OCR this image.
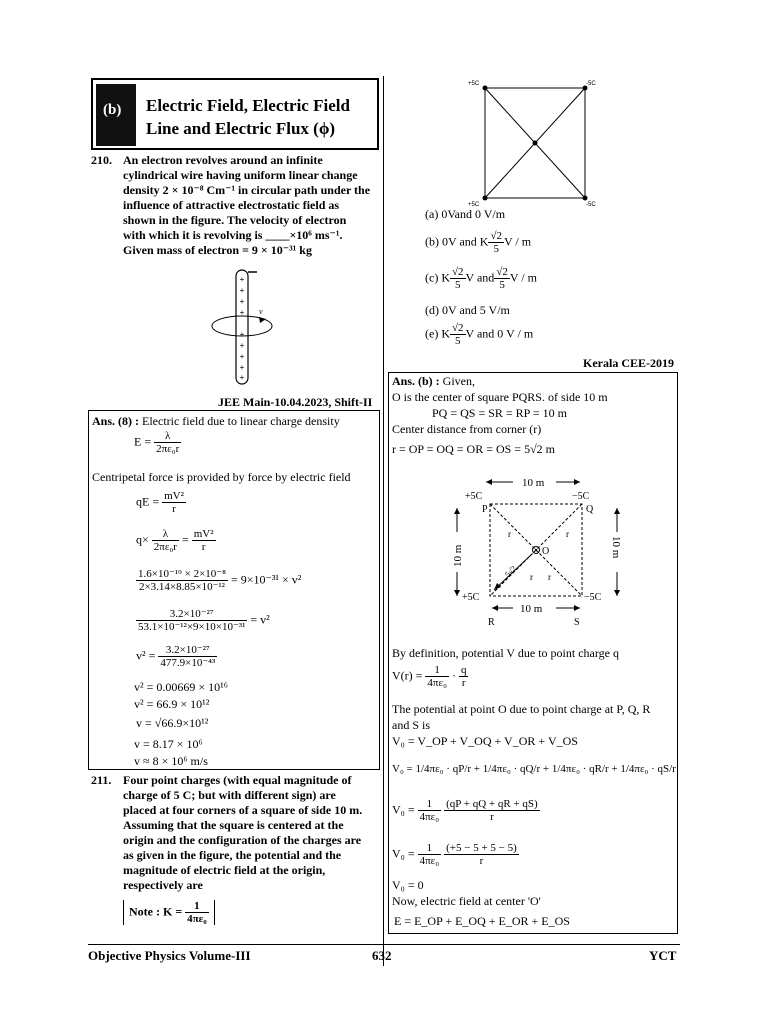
(b) Electric Field, Electric Field
Line and Electric Flux (ϕ)
210. An electron revolves around an infinite
cylindrical wire having uniform linear change
density 2 × 10⁻⁸ Cm⁻¹ in circular path under the
influence of attractive electrostatic field as
shown in the figure. The velocity of electron
with which it is revolving is ____×10⁶ ms⁻¹.
Given mass of electron = 9 × 10⁻³¹ kg
v
+
+
+
+
+
+
+
+
+
JEE Main-10.04.2023, Shift-II
Ans. (8) : Electric field due to linear charge density
$E = \frac{\lambda}{\text{2πε₀r}}$
Centripetal force is provided by force by electric field
qE = $\frac{\text{mV²}}{r}$
$q\times \frac{\lambda}{\text{2πε₀r}} = \frac{\text{mV²}}{r}$
$\frac{\text{1.6×10⁻¹⁹ × 2×10⁻⁸}}{\text{2×3.14×8.85×10⁻¹²}} = 9\times 10^{-31} \times v^2$
$\frac{\text{3.2×10⁻²⁷}}{\text{53.1×10⁻¹²×9×10×10⁻³¹}} = v^2$
$v^2 = \frac{\text{3.2×10⁻²⁷}}{\text{477.9×10⁻⁴³}}$
v² = 0.00669 × 10¹⁶
v² = 66.9 × 10¹²
v = √66.9×10¹²
v = 8.17 × 10⁶
v ≈ 8 × 10⁶ m/s
211. Four point charges (with equal magnitude of
charge of 5 C; but with different sign) are
placed at four corners of a square of side 10 m.
Assuming that the square is centered at the
origin and the configuration of the charges are
as given in the figure, the potential and the
magnitude of electric field at the origin,
respectively are
Note : $K = \frac{1}{\text{4πε₀}}$
+5C	-5C
+5C	-5C
(a) 0Vand 0 V/m
(b) 0V and K $\frac{√2}{5}$ V / m
(c) K $\frac{√2}{5}$ V and $\frac{√2}{5}$ V / m
(d) 0V and 5 V/m
(e) K $\frac{√2}{5}$ V and 0 V / m
Kerala CEE-2019
Ans. (b) : Given,
O is the center of square PQRS. of side 10 m
PQ = QS = SR = RP = 10 m
Center distance from corner (r)
r = OP = OQ = OR = OS = 5√2 m
10 m
+5C	−5C
P	Q
O
r	r
r r
5√2
10 m	10 m
+5C	−5C
10 m
R	S
By definition, potential V due to point charge q
$V(r) = \frac{1}{\text{4πε₀}} \cdot \frac{q}{r}$
The potential at point O due to point charge at P, Q, R
and S is
V₀ = V_OP + V_OQ + V_OR + V_OS
V₀ = 1/4πε₀ · qP/r + 1/4πε₀ · qQ/r + 1/4πε₀ · qR/r + 1/4πε₀ · qS/r
$V_0 = \frac{1}{\text{4πε₀}}$
$\frac{(qP + qQ + qR + qS)}{r}$
$V_0 = \frac{1}{\text{4πε₀}}$
$\frac{(+5 - 5 + 5 - 5)}{r}$
V₀ = 0
Now, electric field at center 'O'
E = E_OP + E_OQ + E_OR + E_OS
Objective Physics Volume-III	632	YCT
